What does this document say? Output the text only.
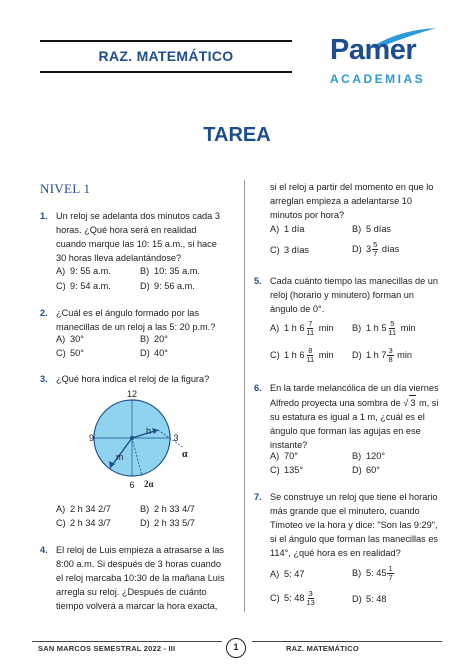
RAZ. MATEMÁTICO	Pamer
ACADEMIAS
TAREA
NIVEL 1
1. Un reloj se adelanta dos minutos cada 3 horas. ¿Qué hora será en realidad cuando marque las 10: 15 a.m., si hace 30 horas lleva adelantándose?
A) 9: 55 a.m.	B) 10: 35 a.m.
C) 9: 54 a.m.	D) 9: 56 a.m.
2. ¿Cuál es el ángulo formado por las manecillas de un reloj a las 5: 20 p.m.?
A) 30°	B) 20°
C) 50°	D) 40°
3. ¿Qué hora indica el reloj de la figura?
12
3
6
9
h
m	α
2α
A) 2 h 34 2/7	B) 2 h 33 4/7
C) 2 h 34 3/7	D) 2 h 33 5/7
4. El reloj de Luis empieza a atrasarse a las 8:00 a.m. Si después de 3 horas cuando el reloj marcaba 10:30 de la mañana Luis arregla su reloj. ¿Después de cuánto tiempo volverá a marcar la hora exacta,
si el reloj a partir del momento en que lo arreglan empieza a adelantarse 10 minutos por hora?
A) 1 día	B) 5 días
C) 3 días	D) $3 \frac{5}{7}$ días
5. Cada cuánto tiempo las manecillas de un reloj (horario y minutero) forman un ángulo de 0°.
A) 1 h $6 \frac{7}{11}$ min B) 1 h $5 \frac{5}{11}$ min
C) 1 h $6 \frac{8}{11}$ min D) 1 h $7 \frac{3}{8}$ min
6. En la tarde melancólica de un día viernes Alfredo proyecta una sombra de √ 3 m, si su estatura es igual a 1 m, ¿cuál es el ángulo que forman las agujas en ese instante?
A) 70°	B) 120°
C) 135°	D) 60°
7. Se construye un reloj que tiene el horario más grande que el minutero, cuando Timoteo ve la hora y dice: "Son las 9:29", si el ángulo que forman las manecillas es 114°, ¿qué hora es en realidad?
A) 5: 47	B) 5: $45 \frac{1}{7}$
C) 5: $48 \frac{3}{13}$	D) 5: 48
SAN MARCOS SEMESTRAL 2022 - III	1	RAZ. MATEMÁTICO
